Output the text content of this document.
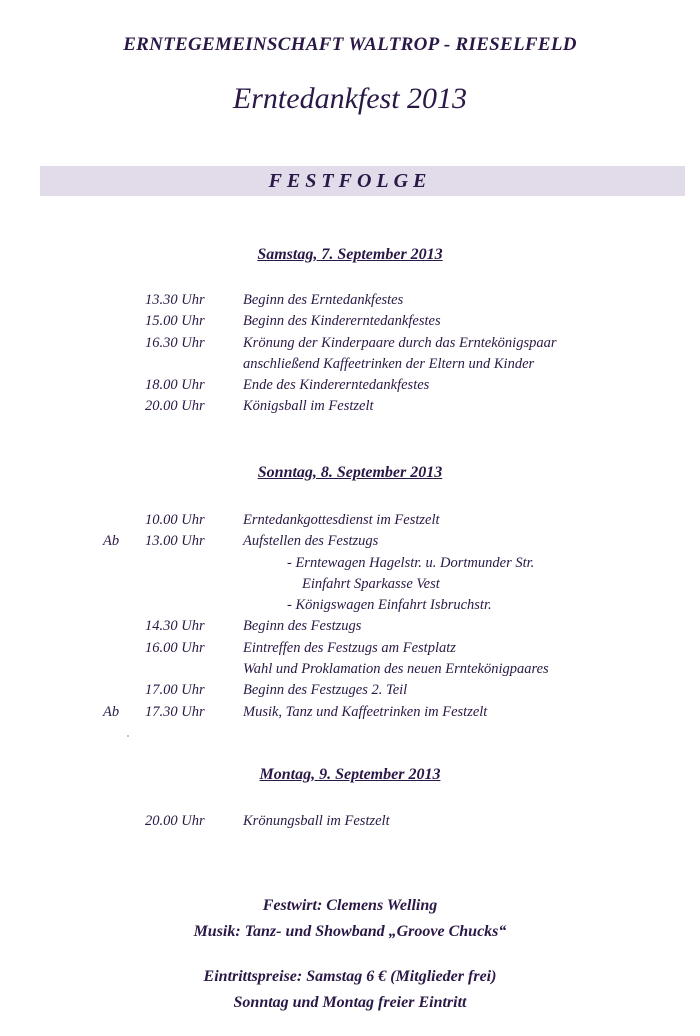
ERNTEGEMEINSCHAFT WALTROP - RIESELFELD
Erntedankfest 2013
FESTFOLGE
Samstag, 7. September 2013
13.30 Uhr	Beginn des Erntedankfestes
15.00 Uhr	Beginn des Kindererntedankfestes
16.30 Uhr	Krönung der Kinderpaare durch das Erntekönigspaar
anschließend Kaffeetrinken der Eltern und Kinder
18.00 Uhr	Ende des Kindererntedankfestes
20.00 Uhr	Königsball im Festzelt
Sonntag, 8. September 2013
10.00 Uhr	Erntedankgottesdienst im Festzelt
Ab 13.00 Uhr	Aufstellen des Festzugs
- Erntewagen Hagelstr. u. Dortmunder Str.
Einfahrt Sparkasse Vest
- Königswagen Einfahrt Isbruchstr.
14.30 Uhr	Beginn des Festzugs
16.00 Uhr	Eintreffen des Festzugs am Festplatz
Wahl und Proklamation des neuen Erntekönigpaares
17.00 Uhr	Beginn des Festzuges 2. Teil
Ab 17.30 Uhr	Musik, Tanz und Kaffeetrinken im Festzelt
Montag, 9. September 2013
20.00 Uhr	Krönungsball im Festzelt
Festwirt: Clemens Welling
Musik: Tanz- und Showband „Groove Chucks“
Eintrittspreise: Samstag 6 € (Mitglieder frei)
Sonntag und Montag freier Eintritt
